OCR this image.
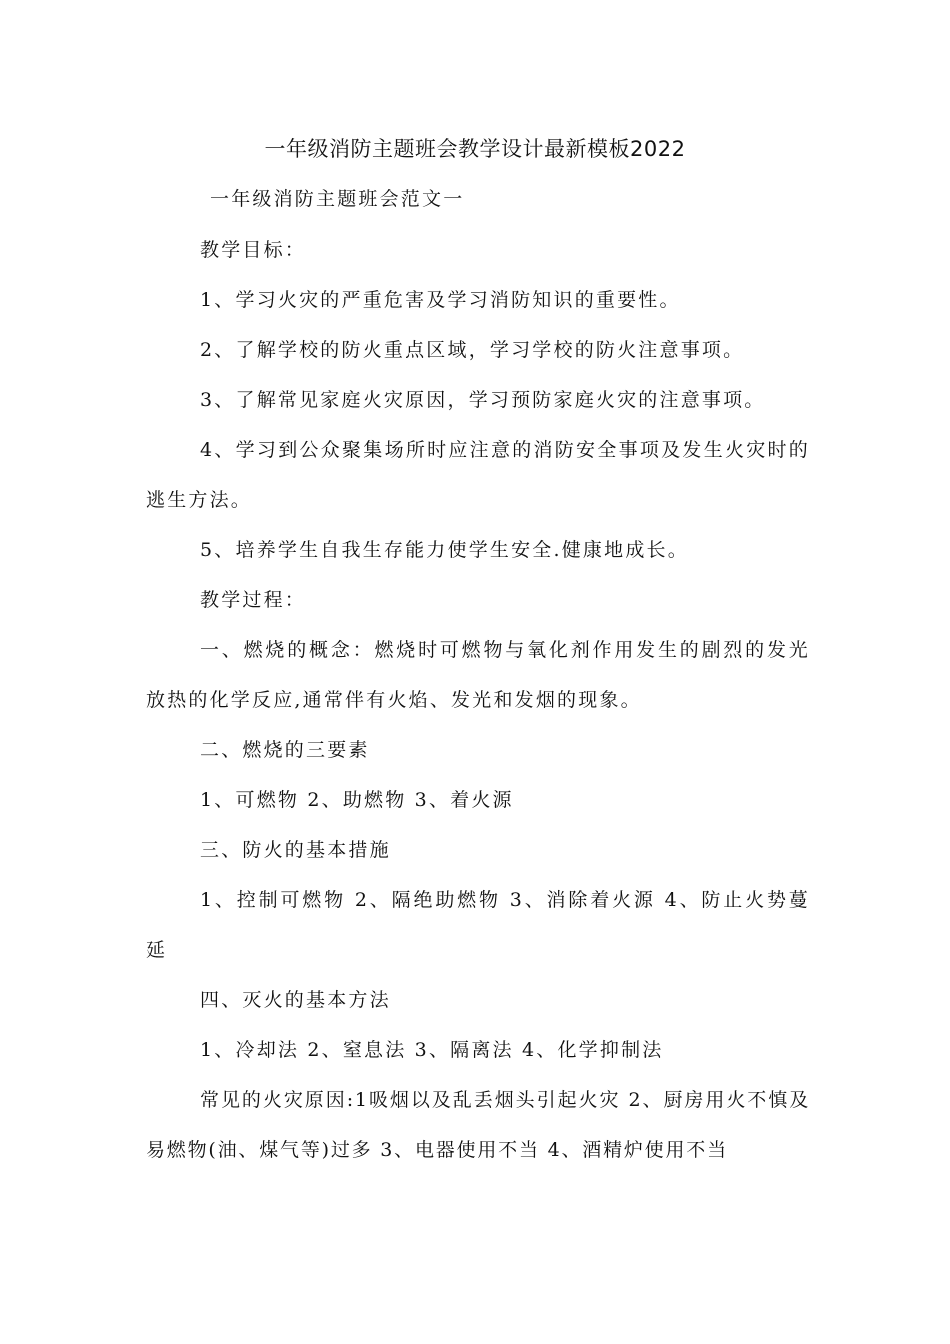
一年级消防主题班会教学设计最新模板2022

一年级消防主题班会范文一

教学目标：

1、学习火灾的严重危害及学习消防知识的重要性。

2、了解学校的防火重点区域，学习学校的防火注意事项。

3、了解常见家庭火灾原因，学习预防家庭火灾的注意事项。

4、学习到公众聚集场所时应注意的消防安全事项及发生火灾时的逃生方法。

5、培养学生自我生存能力使学生安全.健康地成长。

教学过程：

一、燃烧的概念：燃烧时可燃物与氧化剂作用发生的剧烈的发光放热的化学反应,通常伴有火焰、发光和发烟的现象。

二、燃烧的三要素

1、可燃物 2、助燃物 3、着火源

三、防火的基本措施

1、控制可燃物 2、隔绝助燃物 3、消除着火源 4、防止火势蔓延

四、灭火的基本方法

1、冷却法 2、窒息法 3、隔离法 4、化学抑制法

常见的火灾原因:1吸烟以及乱丢烟头引起火灾 2、厨房用火不慎及易燃物(油、煤气等)过多 3、电器使用不当 4、酒精炉使用不当
